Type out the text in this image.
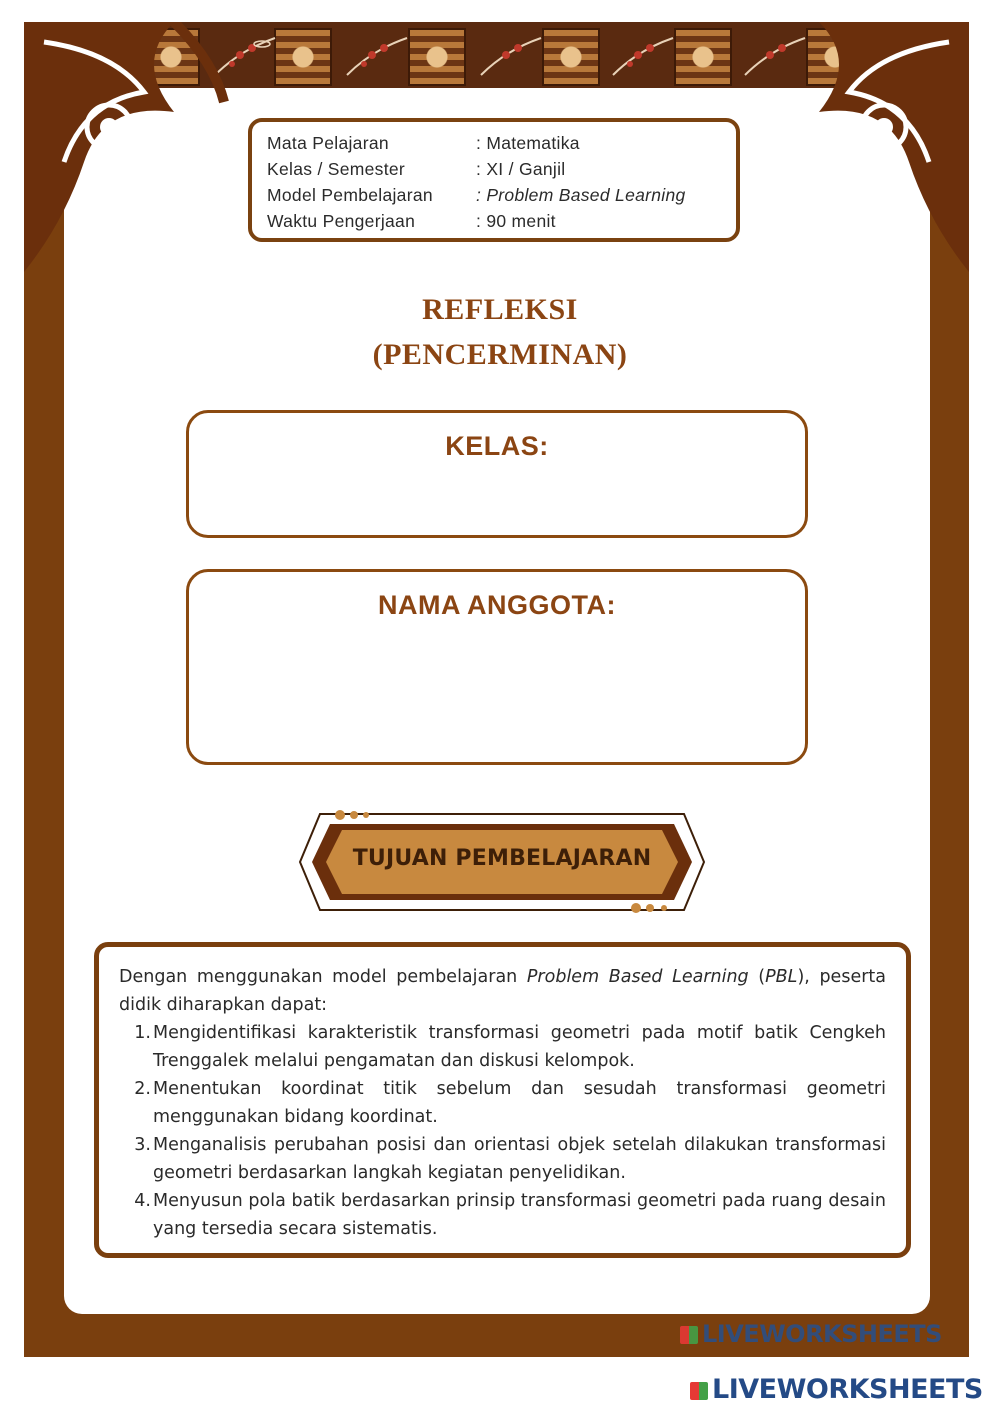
Mata Pelajaran	: Matematika
Kelas / Semester	: XI / Ganjil
Model Pembelajaran	: Problem Based Learning
Waktu Pengerjaan	: 90 menit
REFLEKSI
(PENCERMINAN)
KELAS:
NAMA ANGGOTA:
TUJUAN PEMBELAJARAN
Dengan menggunakan model pembelajaran Problem Based Learning (PBL), peserta didik diharapkan dapat:
1. Mengidentifikasi karakteristik transformasi geometri pada motif batik Cengkeh Trenggalek melalui pengamatan dan diskusi kelompok.
2. Menentukan koordinat titik sebelum dan sesudah transformasi geometri menggunakan bidang koordinat.
3. Menganalisis perubahan posisi dan orientasi objek setelah dilakukan transformasi geometri berdasarkan langkah kegiatan penyelidikan.
4. Menyusun pola batik berdasarkan prinsip transformasi geometri pada ruang desain yang tersedia secara sistematis.
LIVEWORKSHEETS
LIVEWORKSHEETS
